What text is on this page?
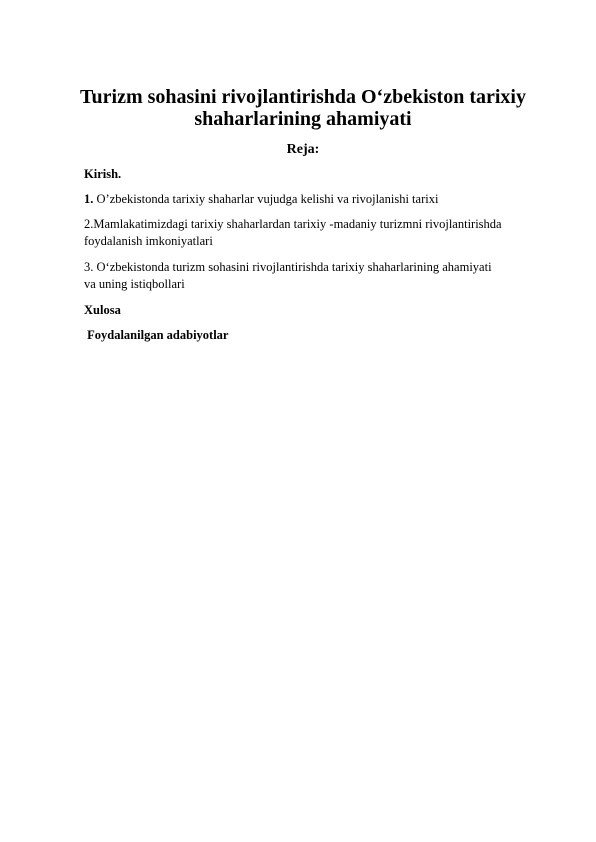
Turizm sohasini rivojlantirishda O‘zbekiston tarixiy
shaharlarining ahamiyati
Reja:
Kirish.
1. O’zbekistonda tarixiy shaharlar vujudga kelishi va rivojlanishi tarixi
2.Mamlakatimizdagi tarixiy shaharlardan tarixiy -madaniy turizmni rivojlantirishda
foydalanish imkoniyatlari
3. O‘zbekistonda turizm sohasini rivojlantirishda tarixiy shaharlarining ahamiyati
va uning istiqbollari
Xulosa
Foydalanilgan adabiyotlar
